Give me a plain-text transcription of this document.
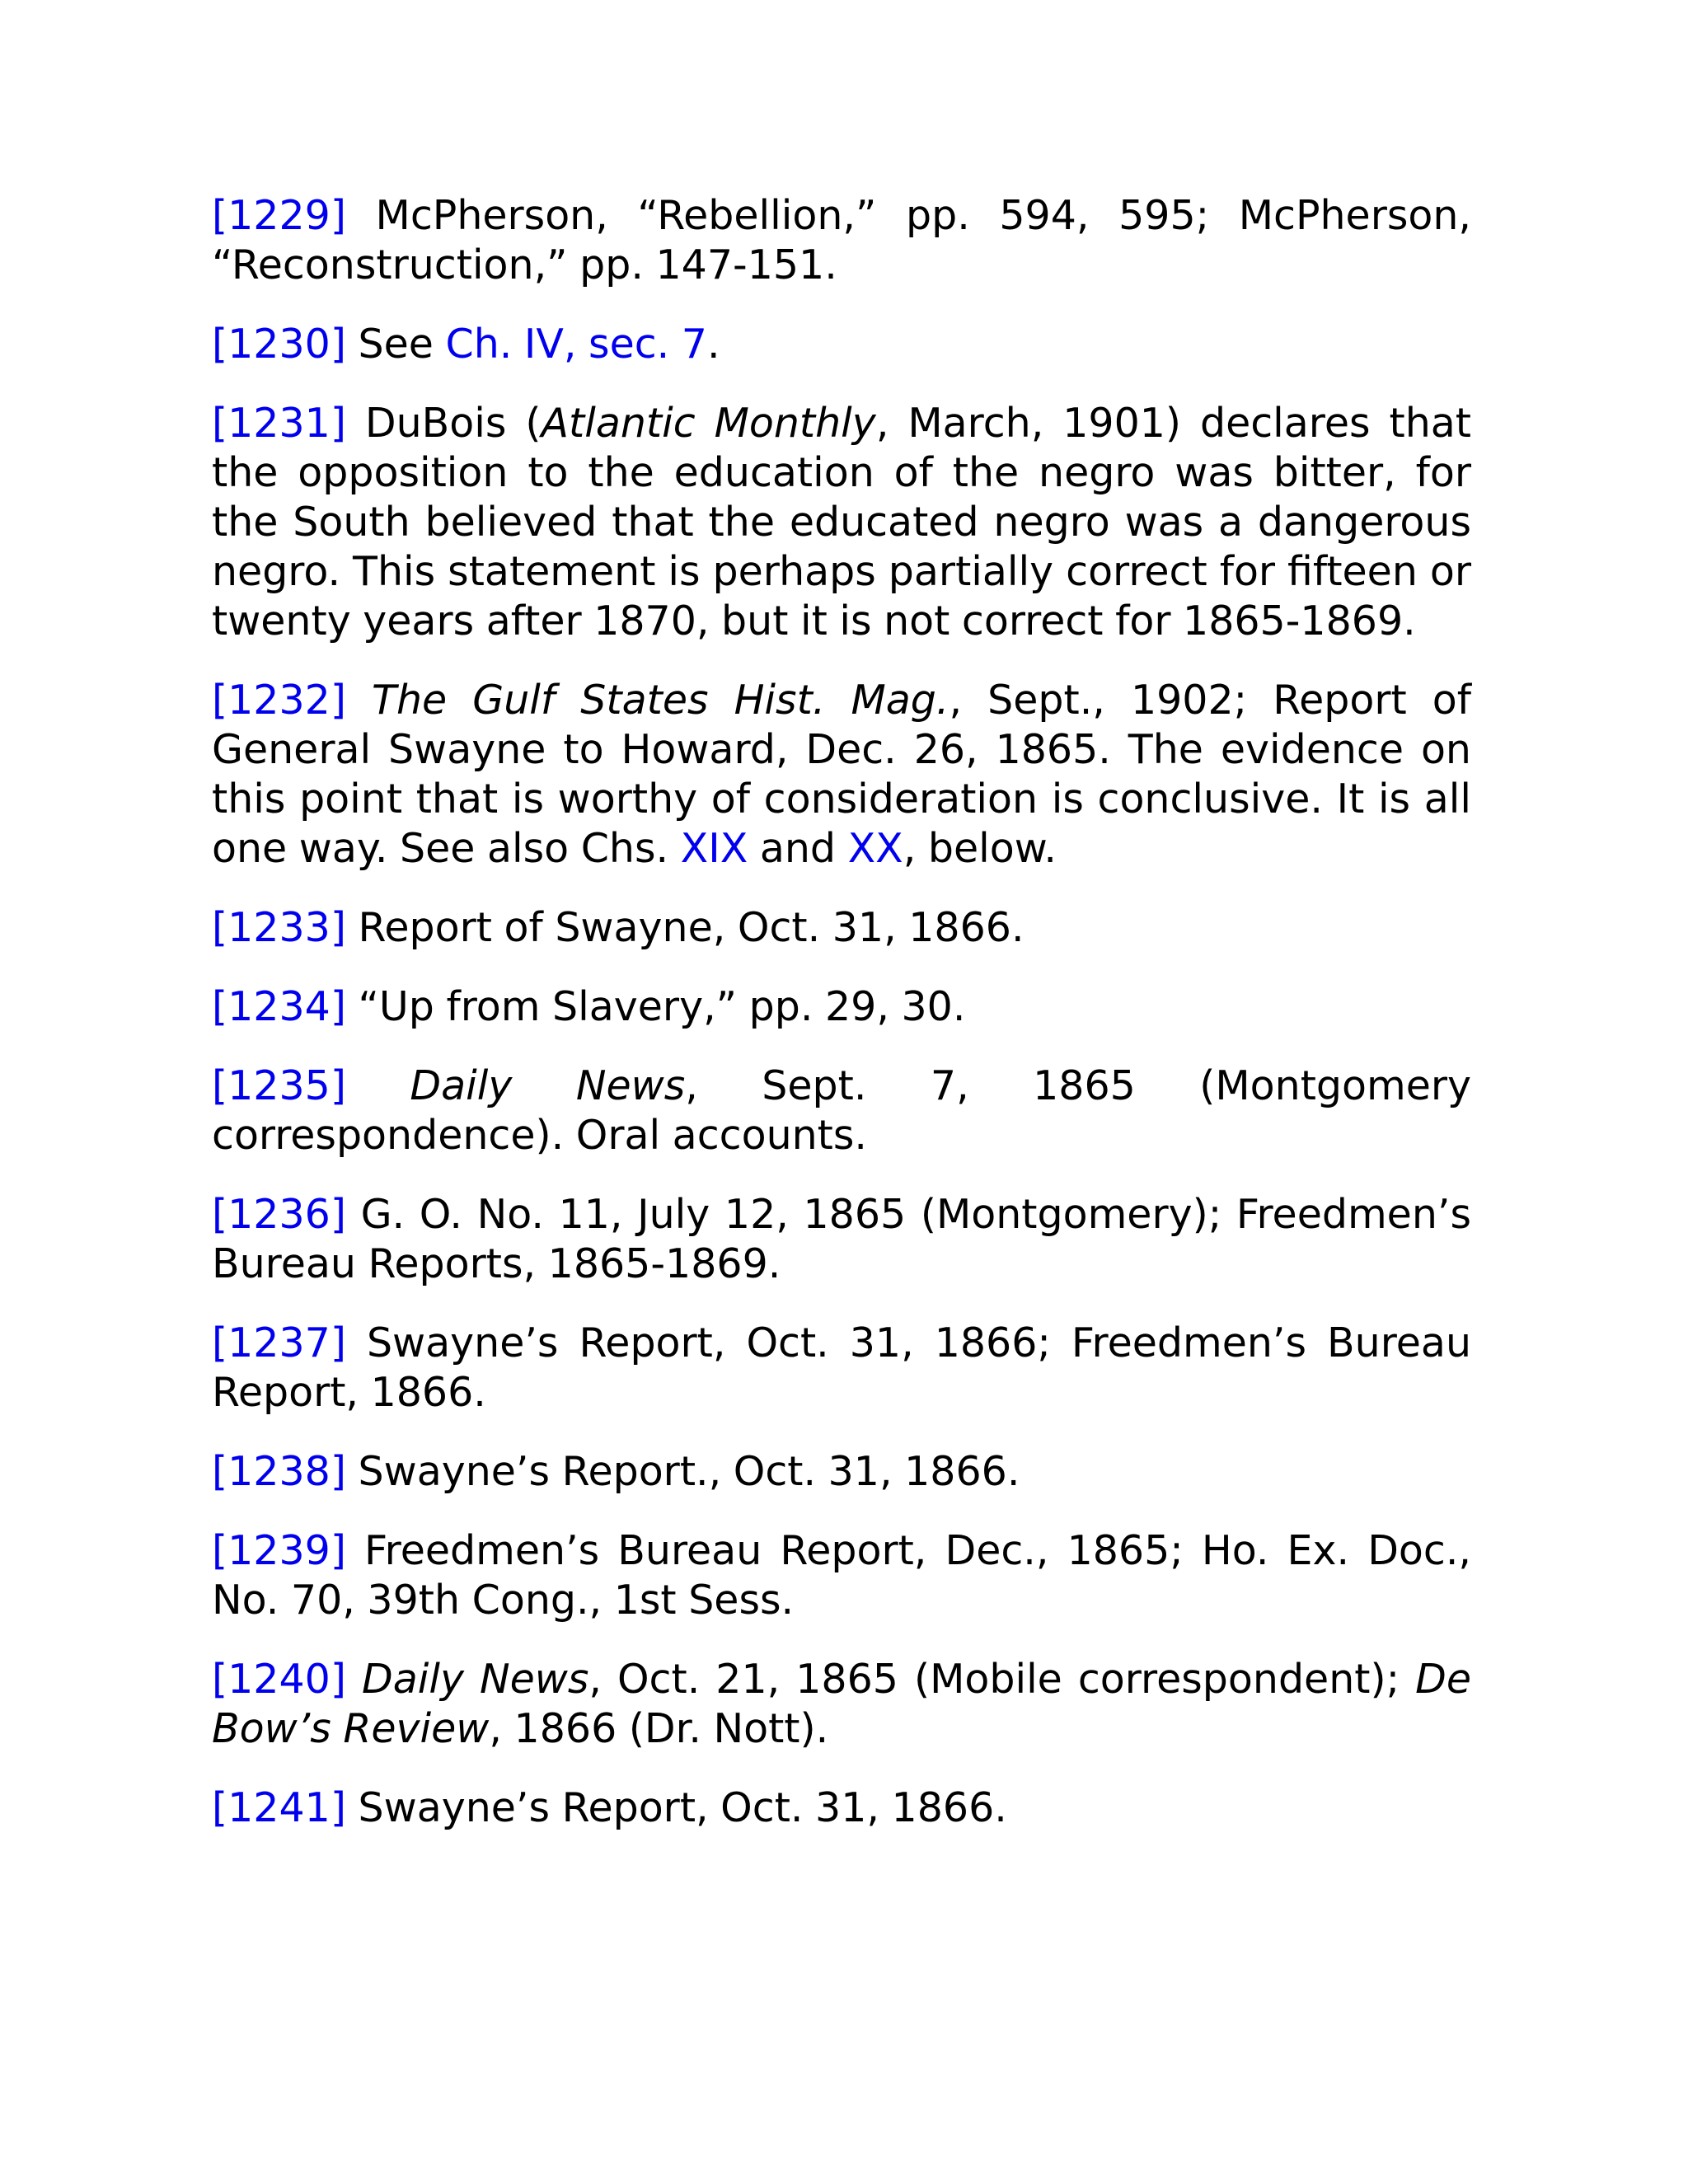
[1229] McPherson, “Rebellion,” pp. 594, 595; McPherson, “Reconstruction,” pp. 147-151.

[1230] See Ch. IV, sec. 7.

[1231] DuBois (Atlantic Monthly, March, 1901) declares that the opposition to the education of the negro was bitter, for the South believed that the educated negro was a dangerous negro. This statement is perhaps partially correct for fifteen or twenty years after 1870, but it is not correct for 1865-1869.

[1232] The Gulf States Hist. Mag., Sept., 1902; Report of General Swayne to Howard, Dec. 26, 1865. The evidence on this point that is worthy of consideration is conclusive. It is all one way. See also Chs. XIX and XX, below.

[1233] Report of Swayne, Oct. 31, 1866.

[1234] “Up from Slavery,” pp. 29, 30.

[1235] Daily News, Sept. 7, 1865 (Montgomery correspondence). Oral accounts.

[1236] G. O. No. 11, July 12, 1865 (Montgomery); Freedmen’s Bureau Reports, 1865-1869.

[1237] Swayne’s Report, Oct. 31, 1866; Freedmen’s Bureau Report, 1866.

[1238] Swayne’s Report., Oct. 31, 1866.

[1239] Freedmen’s Bureau Report, Dec., 1865; Ho. Ex. Doc., No. 70, 39th Cong., 1st Sess.

[1240] Daily News, Oct. 21, 1865 (Mobile correspondent); De Bow’s Review, 1866 (Dr. Nott).

[1241] Swayne’s Report, Oct. 31, 1866.
